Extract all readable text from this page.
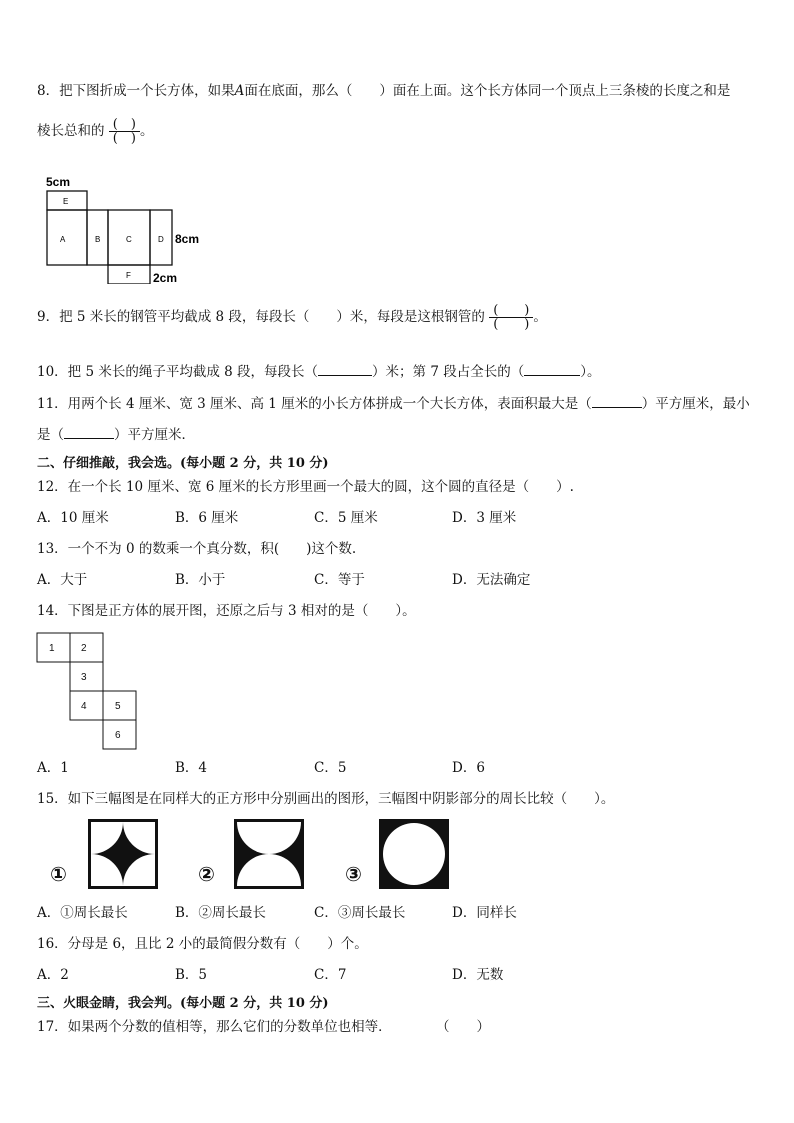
8．把下图折成一个长方体，如果A面在底面，那么（　　）面在上面。这个长方体同一个顶点上三条棱的长度之和是
棱长总和的 $\frac{( )}{( )}$ 。
5cm
8cm
2cm
E
A	B	C	D
F
9．把 5 米长的钢管平均截成 8 段，每段长（　　）米，每段是这根钢管的 $\frac{( )}{( )}$ 。
10．把 5 米长的绳子平均截成 8 段，每段长（	）米；第 7 段占全长的（	）。
11．用两个长 4 厘米、宽 3 厘米、高 1 厘米的小长方体拼成一个大长方体，表面积最大是（	）平方厘米，最小
是（	）平方厘米．
二、仔细推敲，我会选。(每小题 2 分，共 10 分)
12．在一个长 10 厘米、宽 6 厘米的长方形里画一个最大的圆，这个圆的直径是（　　）.
A．10 厘米	B．6 厘米	C．5 厘米	D．3 厘米
13．一个不为 0 的数乘一个真分数，积(　　)这个数.
A．大于	B．小于	C．等于	D．无法确定
14．下图是正方体的展开图，还原之后与 3 相对的是（　　）。
1	2
3
4	5
6
A．1	B．4	C．5	D．6
15．如下三幅图是在同样大的正方形中分别画出的图形，三幅图中阴影部分的周长比较（　　）。
①	②	③
A．①周长最长	B．②周长最长	C．③周长最长	D．同样长
16．分母是 6，且比 2 小的最简假分数有（　　）个。
A．2	B．5	C．7	D．无数
三、火眼金睛，我会判。(每小题 2 分，共 10 分)
17．如果两个分数的值相等，那么它们的分数单位也相等．	（　　）
